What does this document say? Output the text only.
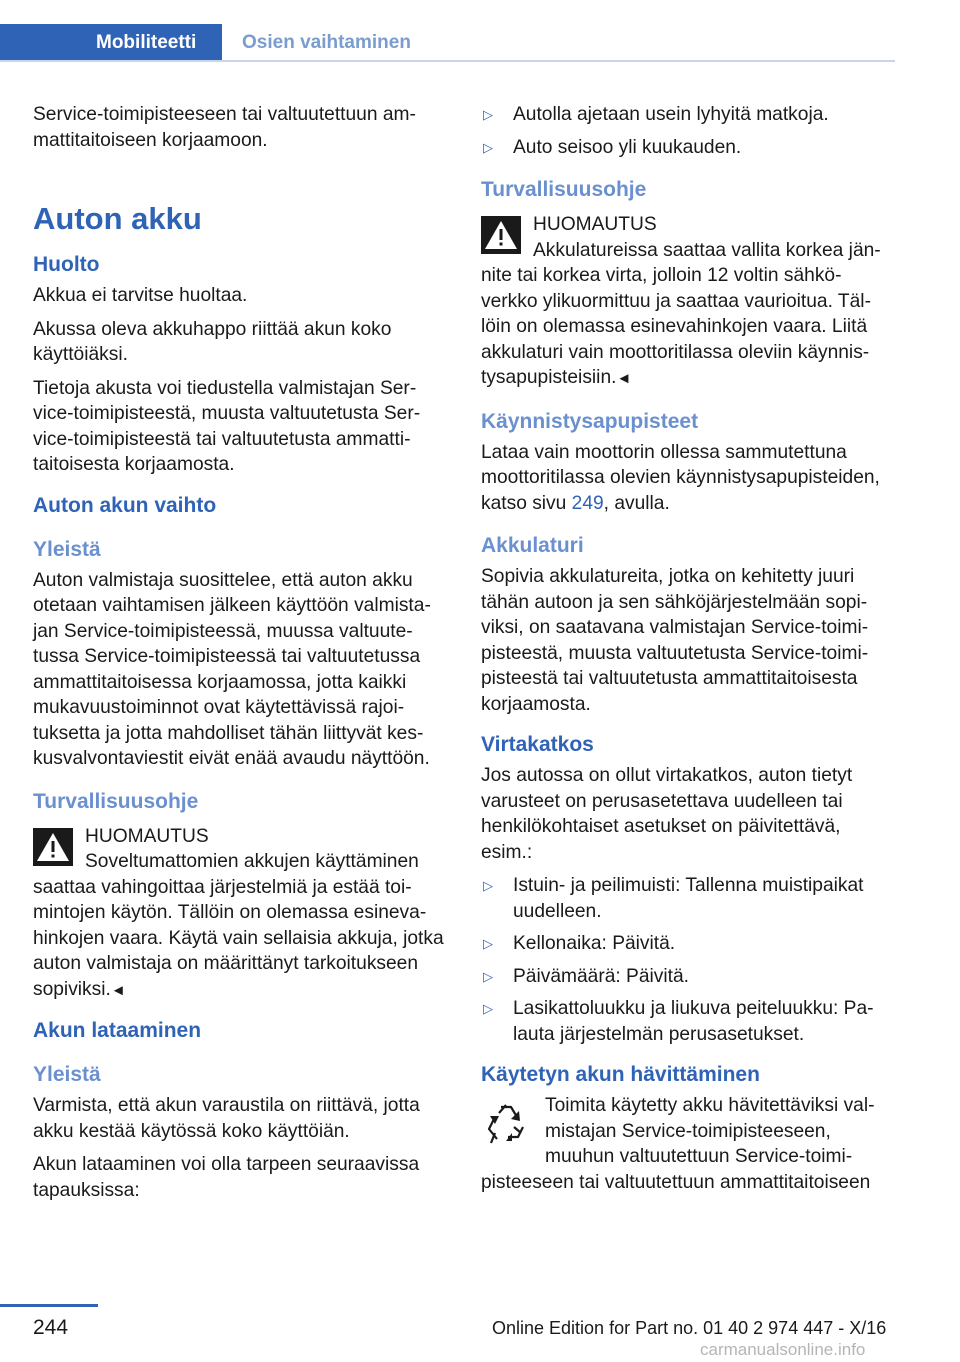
Mobiliteetti	Osien vaihtaminen

Service-toimipisteeseen tai valtuutettuun ammattitaitoiseen korjaamoon.

Auton akku
Huolto

Akkua ei tarvitse huoltaa.

Akussa oleva akkuhappo riittää akun koko käyttöiäksi.

Tietoja akusta voi tiedustella valmistajan Service-toimipisteestä, muusta valtuutetusta Service-toimipisteestä tai valtuutetusta ammattitaitoisesta korjaamosta.

Auton akun vaihto
Yleistä

Auton valmistaja suosittelee, että auton akku otetaan vaihtamisen jälkeen käyttöön valmistajan Service-toimipisteessä, muussa valtuutetussa Service-toimipisteessä tai valtuutetussa ammattitaitoisessa korjaamossa, jotta kaikki mukavuustoiminnot ovat käytettävissä rajoituksetta ja jotta mahdolliset tähän liittyvät keskusvalvontaviestit eivät enää avaudu näyttöön.

Turvallisuusohje
HUOMAUTUS
Soveltumattomien akkujen käyttäminen saattaa vahingoittaa järjestelmiä ja estää toimintojen käytön. Tällöin on olemassa esinevahinkojen vaara. Käytä vain sellaisia akkuja, jotka auton valmistaja on määrittänyt tarkoitukseen sopiviksi.◄
Akun lataaminen
Yleistä

Varmista, että akun varaustila on riittävä, jotta akku kestää käytössä koko käyttöiän.

Akun lataaminen voi olla tarpeen seuraavissa tapauksissa:

▷ Autolla ajetaan usein lyhyitä matkoja.
▷ Auto seisoo yli kuukauden.
Turvallisuusohje
HUOMAUTUS
Akkulatureissa saattaa vallita korkea jännite tai korkea virta, jolloin 12 voltin sähköverkko ylikuormittuu ja saattaa vaurioitua. Tällöin on olemassa esinevahinkojen vaara. Liitä akkulaturi vain moottoritilassa oleviin käynnistysapupisteisiin.◄
Käynnistysapupisteet

Lataa vain moottorin ollessa sammutettuna moottoritilassa olevien käynnistysapupisteiden, katso sivu 249, avulla.

Akkulaturi

Sopivia akkulatureita, jotka on kehitetty juuri tähän autoon ja sen sähköjärjestelmään sopiviksi, on saatavana valmistajan Service-toimipisteestä, muusta valtuutetusta Service-toimipisteestä tai valtuutetusta ammattitaitoisesta korjaamosta.

Virtakatkos

Jos autossa on ollut virtakatkos, auton tietyt varusteet on perusasetettava uudelleen tai henkilökohtaiset asetukset on päivitettävä, esim.:

▷ Istuin- ja peilimuisti: Tallenna muistipaikat uudelleen.
▷ Kellonaika: Päivitä.
▷ Päivämäärä: Päivitä.
▷ Lasikattoluukku ja liukuva peiteluukku: Palauta järjestelmän perusasetukset.
Käytetyn akun hävittäminen

Toimita käytetty akku hävitettäviksi valmistajan Service-toimipisteeseen, muuhun valtuutettuun Service-toimipisteeseen tai valtuutettuun ammattitaitoiseen

244	Online Edition for Part no. 01 40 2 974 447 - X/16
carmanualsonline.info
